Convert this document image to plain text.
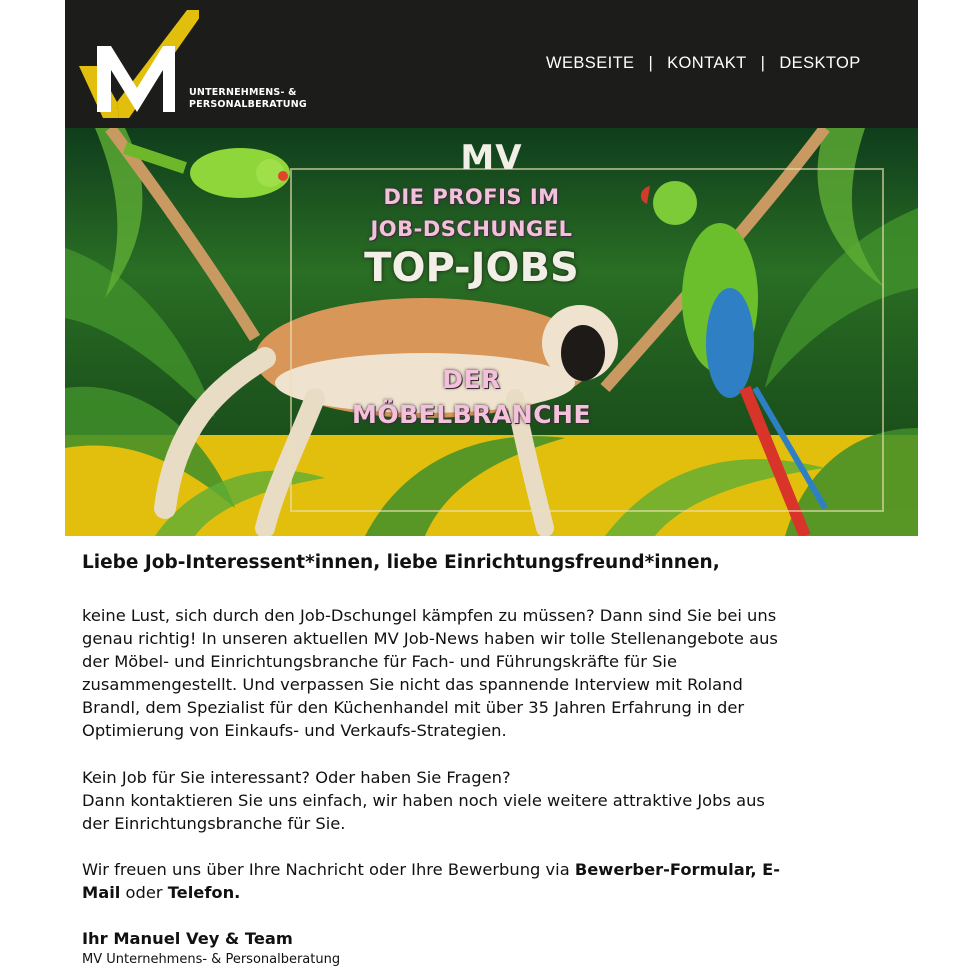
UNTERNEHMENS- &
PERSONALBERATUNG
WEBSEITE | KONTAKT | DESKTOP
MV
DIE PROFIS IM
JOB-DSCHUNGEL
TOP-JOBS
DER
MÖBELBRANCHE

Liebe Job-Interessent*innen, liebe Einrichtungsfreund*innen,

keine Lust, sich durch den Job-Dschungel kämpfen zu müssen? Dann sind Sie bei uns
genau richtig! In unseren aktuellen MV Job-News haben wir tolle Stellenangebote aus
der Möbel- und Einrichtungsbranche für Fach- und Führungskräfte für Sie
zusammengestellt. Und verpassen Sie nicht das spannende Interview mit Roland
Brandl, dem Spezialist für den Küchenhandel mit über 35 Jahren Erfahrung in der
Optimierung von Einkaufs- und Verkaufs-Strategien.
Kein Job für Sie interessant? Oder haben Sie Fragen?
Dann kontaktieren Sie uns einfach, wir haben noch viele weitere attraktive Jobs aus
der Einrichtungsbranche für Sie.
Wir freuen uns über Ihre Nachricht oder Ihre Bewerbung via Bewerber-Formular, E-
Mail oder Telefon.
Ihr Manuel Vey & Team
MV Unternehmens- & Personalberatung
